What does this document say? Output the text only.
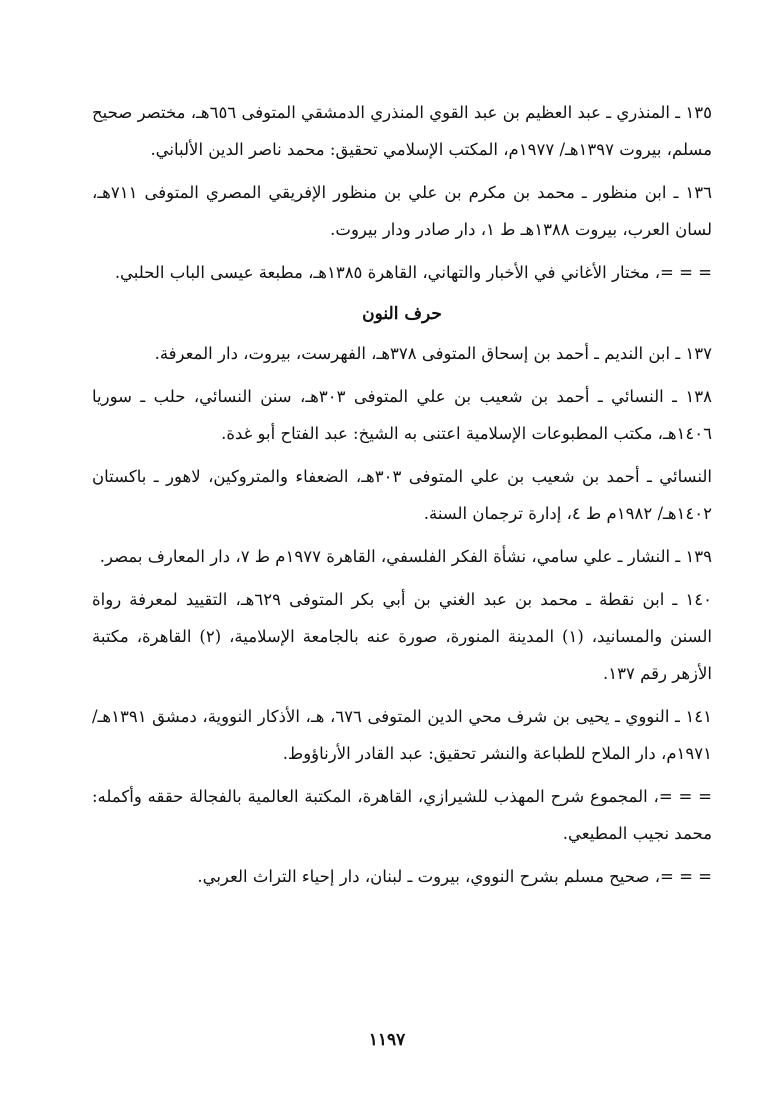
١٣٥ ـ المنذري ـ عبد العظيم بن عبد القوي المنذري الدمشقي المتوفى ٦٥٦هـ، مختصر صحيح مسلم، بيروت ١٣٩٧هـ/ ١٩٧٧م، المكتب الإسلامي تحقيق: محمد ناصر الدين الألباني.

١٣٦ ـ ابن منظور ـ محمد بن مكرم بن علي بن منظور الإفريقي المصري المتوفى ٧١١هـ، لسان العرب، بيروت ١٣٨٨هـ ط ١، دار صادر ودار بيروت.

= = =، مختار الأغاني في الأخبار والتهاني، القاهرة ١٣٨٥هـ، مطبعة عيسى الباب الحلبي.

حرف النون

١٣٧ ـ ابن النديم ـ أحمد بن إسحاق المتوفى ٣٧٨هـ، الفهرست، بيروت، دار المعرفة.

١٣٨ ـ النسائي ـ أحمد بن شعيب بن علي المتوفى ٣٠٣هـ، سنن النسائي، حلب ـ سوريا ١٤٠٦هـ، مكتب المطبوعات الإسلامية اعتنى به الشيخ: عبد الفتاح أبو غدة.

النسائي ـ أحمد بن شعيب بن علي المتوفى ٣٠٣هـ، الضعفاء والمتروكين، لاهور ـ باكستان ١٤٠٢هـ/ ١٩٨٢م ط ٤، إدارة ترجمان السنة.

١٣٩ ـ النشار ـ علي سامي، نشأة الفكر الفلسفي، القاهرة ١٩٧٧م ط ٧، دار المعارف بمصر.

١٤٠ ـ ابن نقطة ـ محمد بن عبد الغني بن أبي بكر المتوفى ٦٢٩هـ، التقييد لمعرفة رواة السنن والمسانيد، (١) المدينة المنورة، صورة عنه بالجامعة الإسلامية، (٢) القاهرة، مكتبة الأزهر رقم ١٣٧.

١٤١ ـ النووي ـ يحيى بن شرف محي الدين المتوفى ٦٧٦، هـ، الأذكار النووية، دمشق ١٣٩١هـ/ ١٩٧١م، دار الملاح للطباعة والنشر تحقيق: عبد القادر الأرناؤوط.

= = =، المجموع شرح المهذب للشيرازي، القاهرة، المكتبة العالمية بالفجالة حققه وأكمله: محمد نجيب المطيعي.

= = =، صحيح مسلم بشرح النووي، بيروت ـ لبنان، دار إحياء التراث العربي.

١١٩٧
